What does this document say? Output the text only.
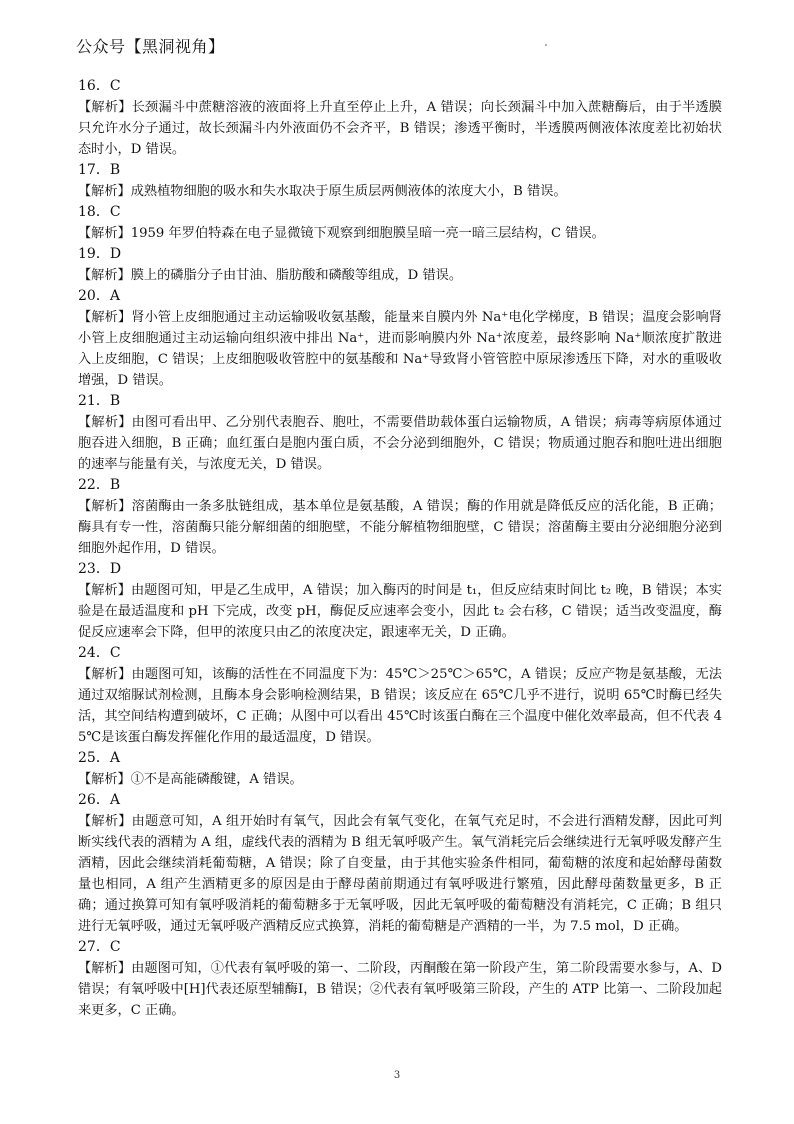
公众号【黑洞视角】
16．C

【解析】长颈漏斗中蔗糖溶液的液面将上升直至停止上升，A 错误；向长颈漏斗中加入蔗糖酶后，由于半透膜只允许水分子通过，故长颈漏斗内外液面仍不会齐平，B 错误；渗透平衡时，半透膜两侧液体浓度差比初始状态时小，D 错误。

17．B

【解析】成熟植物细胞的吸水和失水取决于原生质层两侧液体的浓度大小，B 错误。

18．C

【解析】1959 年罗伯特森在电子显微镜下观察到细胞膜呈暗一亮一暗三层结构，C 错误。

19．D

【解析】膜上的磷脂分子由甘油、脂肪酸和磷酸等组成，D 错误。

20．A

【解析】肾小管上皮细胞通过主动运输吸收氨基酸，能量来自膜内外 Na⁺电化学梯度，B 错误；温度会影响肾小管上皮细胞通过主动运输向组织液中排出 Na⁺，进而影响膜内外 Na⁺浓度差，最终影响 Na⁺顺浓度扩散进入上皮细胞，C 错误；上皮细胞吸收管腔中的氨基酸和 Na⁺导致肾小管管腔中原尿渗透压下降，对水的重吸收增强，D 错误。

21．B

【解析】由图可看出甲、乙分别代表胞吞、胞吐，不需要借助载体蛋白运输物质，A 错误；病毒等病原体通过胞吞进入细胞，B 正确；血红蛋白是胞内蛋白质，不会分泌到细胞外，C 错误；物质通过胞吞和胞吐进出细胞的速率与能量有关，与浓度无关，D 错误。

22．B

【解析】溶菌酶由一条多肽链组成，基本单位是氨基酸，A 错误；酶的作用就是降低反应的活化能，B 正确；酶具有专一性，溶菌酶只能分解细菌的细胞壁，不能分解植物细胞壁，C 错误；溶菌酶主要由分泌细胞分泌到细胞外起作用，D 错误。

23．D

【解析】由题图可知，甲是乙生成甲，A 错误；加入酶丙的时间是 t₁，但反应结束时间比 t₂ 晚，B 错误；本实验是在最适温度和 pH 下完成，改变 pH，酶促反应速率会变小，因此 t₂ 会右移，C 错误；适当改变温度，酶促反应速率会下降，但甲的浓度只由乙的浓度决定，跟速率无关，D 正确。

24．C

【解析】由题图可知，该酶的活性在不同温度下为：45℃＞25℃＞65℃，A 错误；反应产物是氨基酸，无法通过双缩脲试剂检测，且酶本身会影响检测结果，B 错误；该反应在 65℃几乎不进行，说明 65℃时酶已经失活，其空间结构遭到破坏，C 正确；从图中可以看出 45℃时该蛋白酶在三个温度中催化效率最高，但不代表 45℃是该蛋白酶发挥催化作用的最适温度，D 错误。

25．A

【解析】①不是高能磷酸键，A 错误。

26．A

【解析】由题意可知，A 组开始时有氧气，因此会有氧气变化，在氧气充足时，不会进行酒精发酵，因此可判断实线代表的酒精为 A 组，虚线代表的酒精为 B 组无氧呼吸产生。氧气消耗完后会继续进行无氧呼吸发酵产生酒精，因此会继续消耗葡萄糖，A 错误；除了自变量，由于其他实验条件相同，葡萄糖的浓度和起始酵母菌数量也相同，A 组产生酒精更多的原因是由于酵母菌前期通过有氧呼吸进行繁殖，因此酵母菌数量更多，B 正确；通过换算可知有氧呼吸消耗的葡萄糖多于无氧呼吸，因此无氧呼吸的葡萄糖没有消耗完，C 正确；B 组只进行无氧呼吸，通过无氧呼吸产酒精反应式换算，消耗的葡萄糖是产酒精的一半，为 7.5 mol，D 正确。

27．C

【解析】由题图可知，①代表有氧呼吸的第一、二阶段，丙酮酸在第一阶段产生，第二阶段需要水参与，A、D 错误；有氧呼吸中[H]代表还原型辅酶Ⅰ，B 错误；②代表有氧呼吸第三阶段，产生的 ATP 比第一、二阶段加起来更多，C 正确。

3
